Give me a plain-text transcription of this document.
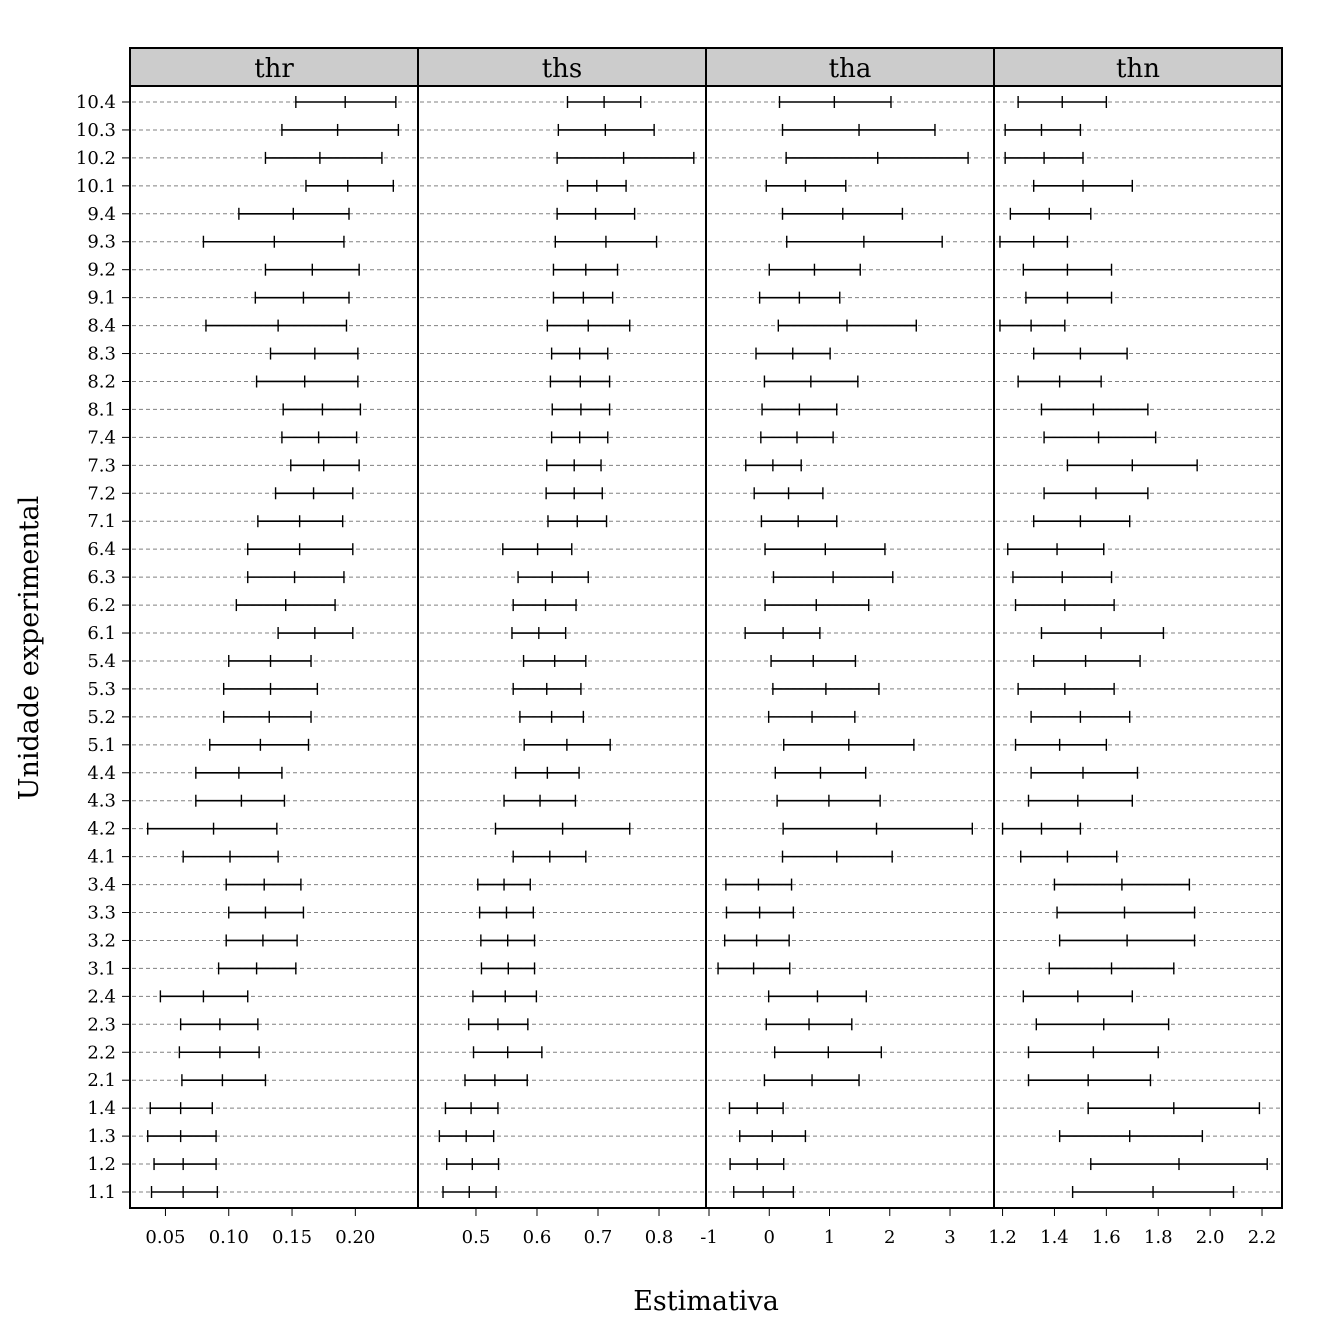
thr
0.05 0.10 0.15 0.20
ths
0.5 0.6 0.7 0.8
tha
-1	0	1	2	3
thn
1.2 1.4 1.6 1.8 2.0 2.2
10.4
10.3
10.2
10.1
9.4
9.3
9.2
9.1
8.4
8.3
8.2
8.1
7.4
7.3
7.2
7.1
6.4
6.3
6.2
6.1
5.4
5.3
5.2
5.1
4.4
4.3
4.2
4.1
3.4
3.3
3.2
3.1
2.4
2.3
2.2
2.1
1.4
1.3
1.2
1.1
Estimativa
Unidade experimental
